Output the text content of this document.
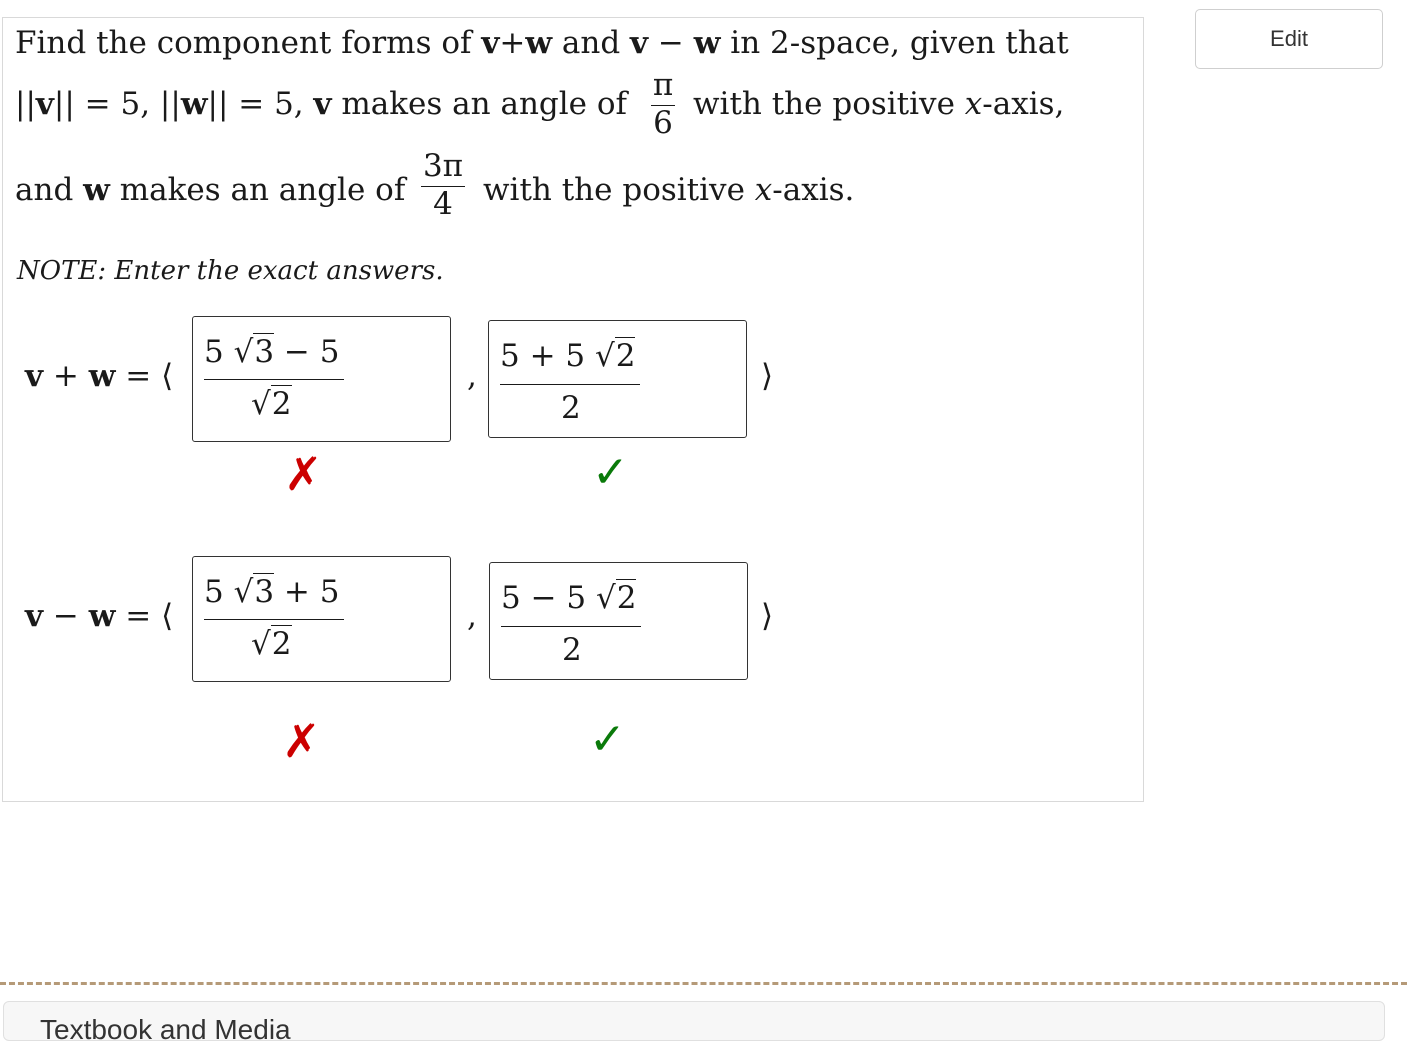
Find the component forms of v+w and v − w in 2-space, given that
||v|| = 5, ||w|| = 5, v makes an angle of $\frac{\pi}{6}$ with the positive x-axis,
and w makes an angle of $\frac{3\pi}{4}$ with the positive x-axis.
NOTE: Enter the exact answers.
v + w = ⟨
5 √3 − 5
√2
,
5 + 5 √2
2
⟩
✗	✓
v − w = ⟨
5 √3 + 5
√2
, 5 − 5 √2
2
⟩
✗	✓
Edit
Textbook and Media
